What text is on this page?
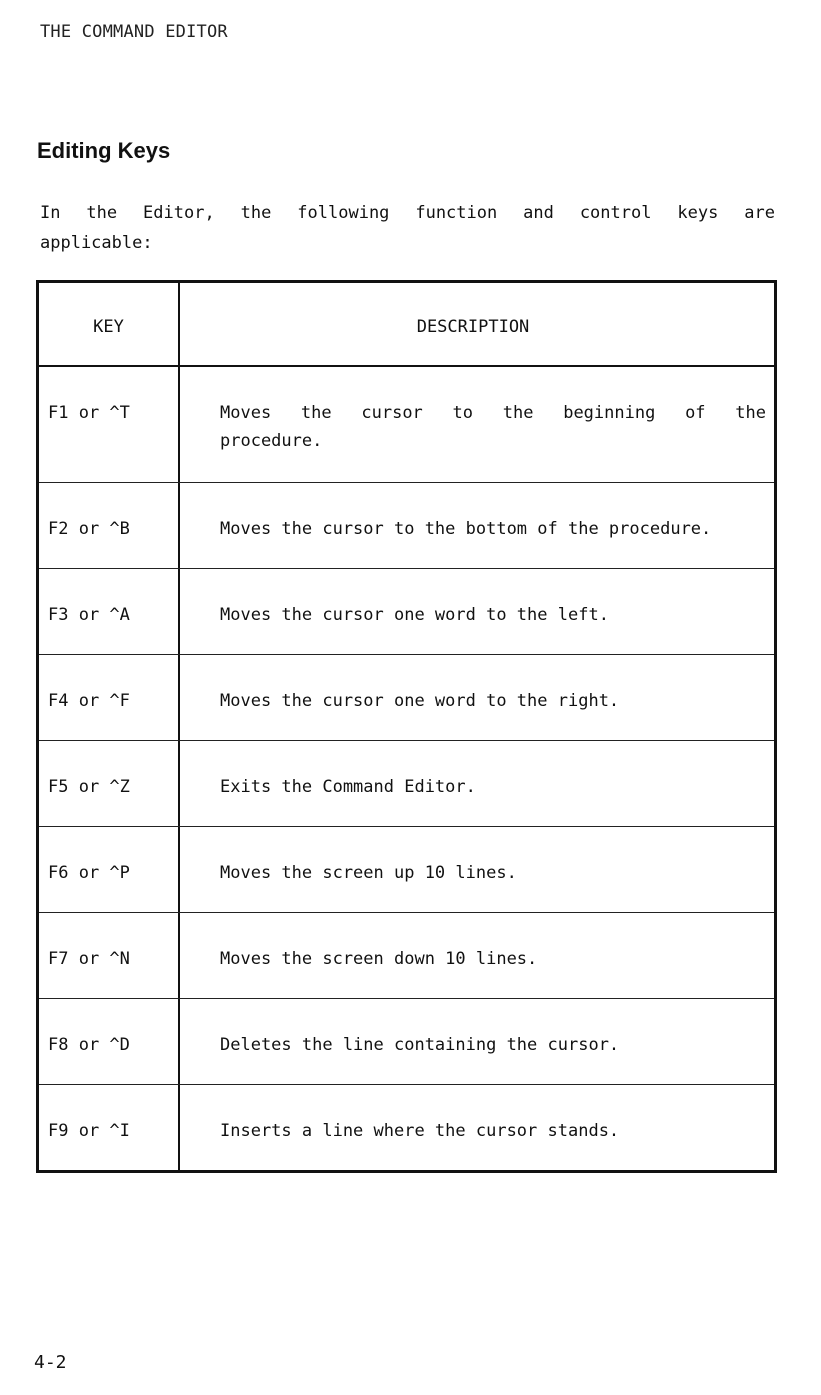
THE COMMAND EDITOR
Editing Keys
In the Editor, the following function and control keys are applicable:
KEY	DESCRIPTION
F1 or ^T	Moves the cursor to the beginning of the procedure.
F2 or ^B	Moves the cursor to the bottom of the procedure.
F3 or ^A	Moves the cursor one word to the left.
F4 or ^F	Moves the cursor one word to the right.
F5 or ^Z	Exits the Command Editor.
F6 or ^P	Moves the screen up 10 lines.
F7 or ^N	Moves the screen down 10 lines.
F8 or ^D	Deletes the line containing the cursor.
F9 or ^I	Inserts a line where the cursor stands.
4-2
